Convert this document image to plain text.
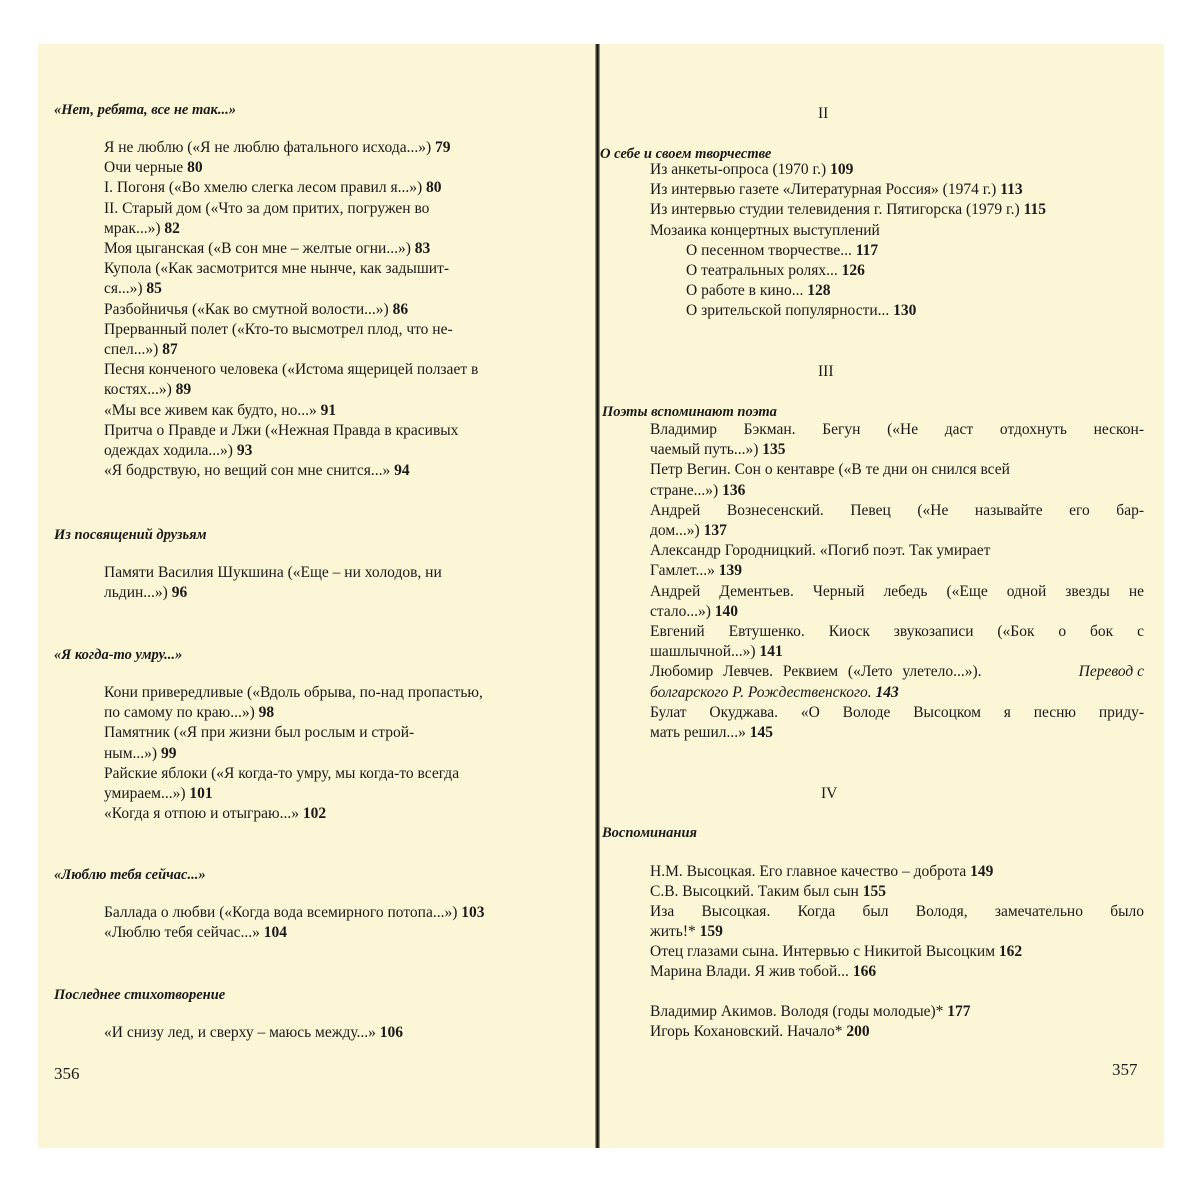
«Нет, ребята, все не так...»
Я не люблю («Я не люблю фатального исхода...») 79
Очи черные 80
I. Погоня («Во хмелю слегка лесом правил я...») 80
II. Старый дом («Что за дом притих, погружен во
мрак...») 82
Моя цыганская («В сон мне – желтые огни...») 83
Купола («Как засмотрится мне нынче, как задышит-
ся...») 85
Разбойничья («Как во смутной волости...») 86
Прерванный полет («Кто-то высмотрел плод, что не-
спел...») 87
Песня конченого человека («Истома ящерицей ползает в
костях...») 89
«Мы все живем как будто, но...» 91
Притча о Правде и Лжи («Нежная Правда в красивых
одеждах ходила...») 93
«Я бодрствую, но вещий сон мне снится...» 94
Из посвящений друзьям
Памяти Василия Шукшина («Еще – ни холодов, ни
льдин...») 96
«Я когда-то умру...»
Кони привередливые («Вдоль обрыва, по-над пропастью,
по самому по краю...») 98
Памятник («Я при жизни был рослым и строй-
ным...») 99
Райские яблоки («Я когда-то умру, мы когда-то всегда
умираем...») 101
«Когда я отпою и отыграю...» 102
«Люблю тебя сейчас...»
Баллада о любви («Когда вода всемирного потопа...») 103
«Люблю тебя сейчас...» 104
Последнее стихотворение
«И снизу лед, и сверху – маюсь между...» 106
356
II
III
IV
О себе и своем творчестве
Из анкеты-опроса (1970 г.) 109
Из интервью газете «Литературная Россия» (1974 г.) 113
Из интервью студии телевидения г. Пятигорска (1979 г.) 115
Мозаика концертных выступлений
О песенном творчестве... 117
О театральных ролях... 126
О работе в кино... 128
О зрительской популярности... 130
Поэты вспоминают поэта
Владимир Бэкман. Бегун («Не даст отдохнуть нескон-
чаемый путь...») 135
Петр Вегин. Сон о кентавре («В те дни он снился всей
стране...») 136
Андрей Вознесенский. Певец («Не называйте его бар-
дом...») 137
Александр Городницкий. «Погиб поэт. Так умирает
Гамлет...» 139
Андрей Дементьев. Черный лебедь («Еще одной звезды не
стало...») 140
Евгений Евтушенко. Киоск звукозаписи («Бок о бок с
шашлычной...») 141
Любомир Левчев. Реквием («Лето улетело...»).	Перевод с
болгарского Р. Рождественского. 143
Булат Окуджава. «О Володе Высоцком я песню приду-
мать решил...» 145
Воспоминания
Н.М. Высоцкая. Его главное качество – доброта 149
С.В. Высоцкий. Таким был сын 155
Иза Высоцкая. Когда был Володя, замечательно было
жить!* 159
Отец глазами сына. Интервью с Никитой Высоцким 162
Марина Влади. Я жив тобой... 166
Владимир Акимов. Володя (годы молодые)* 177
Игорь Кохановский. Начало* 200
357
